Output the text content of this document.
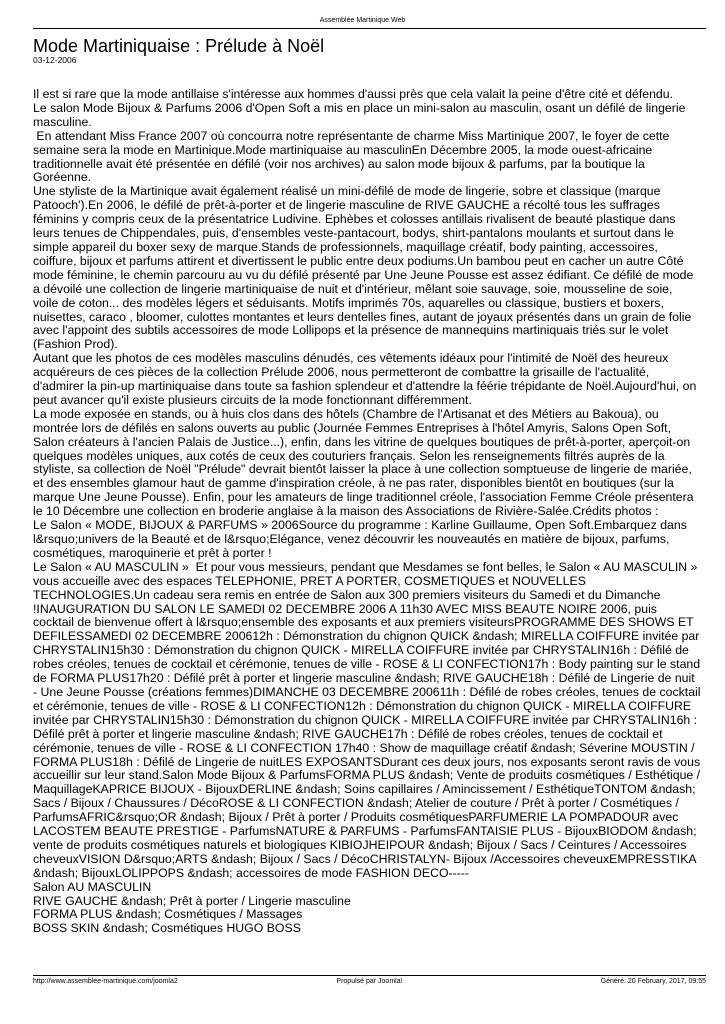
Assemblée Martinique Web
Mode Martiniquaise : Prélude à Noël
03-12-2006
Il est si rare que la mode antillaise s'intéresse aux hommes d'aussi près que cela valait la peine d'être cité et défendu.
Le salon Mode Bijoux & Parfums 2006 d'Open Soft a mis en place un mini-salon au masculin, osant un défilé de lingerie masculine.
En attendant Miss France 2007 où concourra notre représentante de charme Miss Martinique 2007, le foyer de cette semaine sera la mode en Martinique.Mode martiniquaise au masculinEn Décembre 2005, la mode ouest-africaine traditionnelle avait été présentée en défilé (voir nos archives) au salon mode bijoux & parfums, par la boutique la Goréenne.
Une styliste de la Martinique avait également réalisé un mini-défilé de mode de lingerie, sobre et classique (marque Patooch').En 2006, le défilé de prêt-à-porter et de lingerie masculine de RIVE GAUCHE a récolté tous les suffrages féminins y compris ceux de la présentatrice Ludivine. Ephèbes et colosses antillais rivalisent de beauté plastique dans leurs tenues de Chippendales, puis, d'ensembles veste-pantacourt, bodys, shirt-pantalons moulants et surtout dans le simple appareil du boxer sexy de marque.Stands de professionnels, maquillage créatif, body painting, accessoires, coiffure, bijoux et parfums attirent et divertissent le public entre deux podiums.Un bambou peut en cacher un autre Côté mode féminine, le chemin parcouru au vu du défilé présenté par Une Jeune Pousse est assez édifiant. Ce défilé de mode a dévoilé une collection de lingerie martiniquaise de nuit et d'intérieur, mêlant soie sauvage, soie, mousseline de soie, voile de coton... des modèles légers et séduisants. Motifs imprimés 70s, aquarelles ou classique, bustiers et boxers, nuisettes, caraco , bloomer, culottes montantes et leurs dentelles fines, autant de joyaux présentés dans un grain de folie avec l'appoint des subtils accessoires de mode Lollipops et la présence de mannequins martiniquais triés sur le volet (Fashion Prod).
Autant que les photos de ces modèles masculins dénudés, ces vêtements idéaux pour l'intimité de Noël des heureux acquéreurs de ces pièces de la collection Prélude 2006, nous permetteront de combattre la grisaille de l'actualité, d'admirer la pin-up martiniquaise dans toute sa fashion splendeur et d'attendre la féérie trépidante de Noël.Aujourd'hui, on peut avancer qu'il existe plusieurs circuits de la mode fonctionnant différemment.
La mode exposée en stands, ou à huis clos dans des hôtels (Chambre de l'Artisanat et des Métiers au Bakoua), ou montrée lors de défilés en salons ouverts au public (Journée Femmes Entreprises à l'hôtel Amyris, Salons Open Soft, Salon créateurs à l'ancien Palais de Justice...), enfin, dans les vitrine de quelques boutiques de prêt-à-porter, aperçoit-on quelques modèles uniques, aux cotés de ceux des couturiers français. Selon les renseignements filtrés auprès de la styliste, sa collection de Noël "Prélude" devrait bientôt laisser la place à une collection somptueuse de lingerie de mariée, et des ensembles glamour haut de gamme d'inspiration créole, à ne pas rater, disponibles bientôt en boutiques (sur la marque Une Jeune Pousse). Enfin, pour les amateurs de linge traditionnel créole, l'association Femme Créole présentera le 10 Décembre une collection en broderie anglaise à la maison des Associations de Rivière-Salée.Crédits photos :
Le Salon « MODE, BIJOUX & PARFUMS » 2006Source du programme : Karline Guillaume, Open Soft.Embarquez dans l&rsquo;univers de la Beauté et de l&rsquo;Elégance, venez découvrir les nouveautés en matière de bijoux, parfums, cosmétiques, maroquinerie et prêt à porter !
Le Salon « AU MASCULIN »  Et pour vous messieurs, pendant que Mesdames se font belles, le Salon « AU MASCULIN » vous accueille avec des espaces TELEPHONIE, PRET A PORTER, COSMETIQUES et NOUVELLES TECHNOLOGIES.Un cadeau sera remis en entrée de Salon aux 300 premiers visiteurs du Samedi et du Dimanche !INAUGURATION DU SALON LE SAMEDI 02 DECEMBRE 2006 A 11h30 AVEC MISS BEAUTE NOIRE 2006, puis cocktail de bienvenue offert à l&rsquo;ensemble des exposants et aux premiers visiteursPROGRAMME DES SHOWS ET DEFILESSAMEDI 02 DECEMBRE 200612h : Démonstration du chignon QUICK &ndash; MIRELLA COIFFURE invitée par CHRYSTALIN15h30 : Démonstration du chignon QUICK - MIRELLA COIFFURE invitée par CHRYSTALIN16h : Défilé de robes créoles, tenues de cocktail et cérémonie, tenues de ville - ROSE & LI CONFECTION17h : Body painting sur le stand de FORMA PLUS17h20 : Défilé prêt à porter et lingerie masculine &ndash; RIVE GAUCHE18h : Défilé de Lingerie de nuit - Une Jeune Pousse (créations femmes)DIMANCHE 03 DECEMBRE 200611h : Défilé de robes créoles, tenues de cocktail et cérémonie, tenues de ville - ROSE & LI CONFECTION12h : Démonstration du chignon QUICK - MIRELLA COIFFURE invitée par CHRYSTALIN15h30 : Démonstration du chignon QUICK - MIRELLA COIFFURE invitée par CHRYSTALIN16h : Défilé prêt à porter et lingerie masculine &ndash; RIVE GAUCHE17h : Défilé de robes créoles, tenues de cocktail et cérémonie, tenues de ville - ROSE & LI CONFECTION 17h40 : Show de maquillage créatif &ndash; Séverine MOUSTIN / FORMA PLUS18h : Défilé de Lingerie de nuitLES EXPOSANTSDurant ces deux jours, nos exposants seront ravis de vous accueillir sur leur stand.Salon Mode Bijoux & ParfumsFORMA PLUS &ndash; Vente de produits cosmétiques / Esthétique / MaquillageKAPRICE BIJOUX - BijouxDERLINE &ndash; Soins capillaires / Amincissement / EsthétiqueTONTOM &ndash; Sacs / Bijoux / Chaussures / DécoROSE & LI CONFECTION &ndash; Atelier de couture / Prêt à porter / Cosmétiques / ParfumsAFRIC&rsquo;OR &ndash; Bijoux / Prêt à porter / Produits cosmétiquesPARFUMERIE LA POMPADOUR avec LACOSTEM BEAUTE PRESTIGE - ParfumsNATURE & PARFUMS - ParfumsFANTAISIE PLUS - BijouxBIODOM &ndash; vente de produits cosmétiques naturels et biologiques KIBIOJHEIPOUR &ndash; Bijoux / Sacs / Ceintures / Accessoires cheveuxVISION D&rsquo;ARTS &ndash; Bijoux / Sacs / DécoCHRISTALYN- Bijoux /Accessoires cheveuxEMPRESSTIKA &ndash; BijouxLOLIPPOPS &ndash; accessoires de mode FASHION DECO-----
Salon AU MASCULIN
RIVE GAUCHE &ndash; Prêt à porter / Lingerie masculine
FORMA PLUS &ndash; Cosmétiques / Massages
BOSS SKIN &ndash; Cosmétiques HUGO BOSS
http://www.assemblee-martinique.com/joomla2	Propulsé par Joomla!	Généré: 20 February, 2017, 09:55
